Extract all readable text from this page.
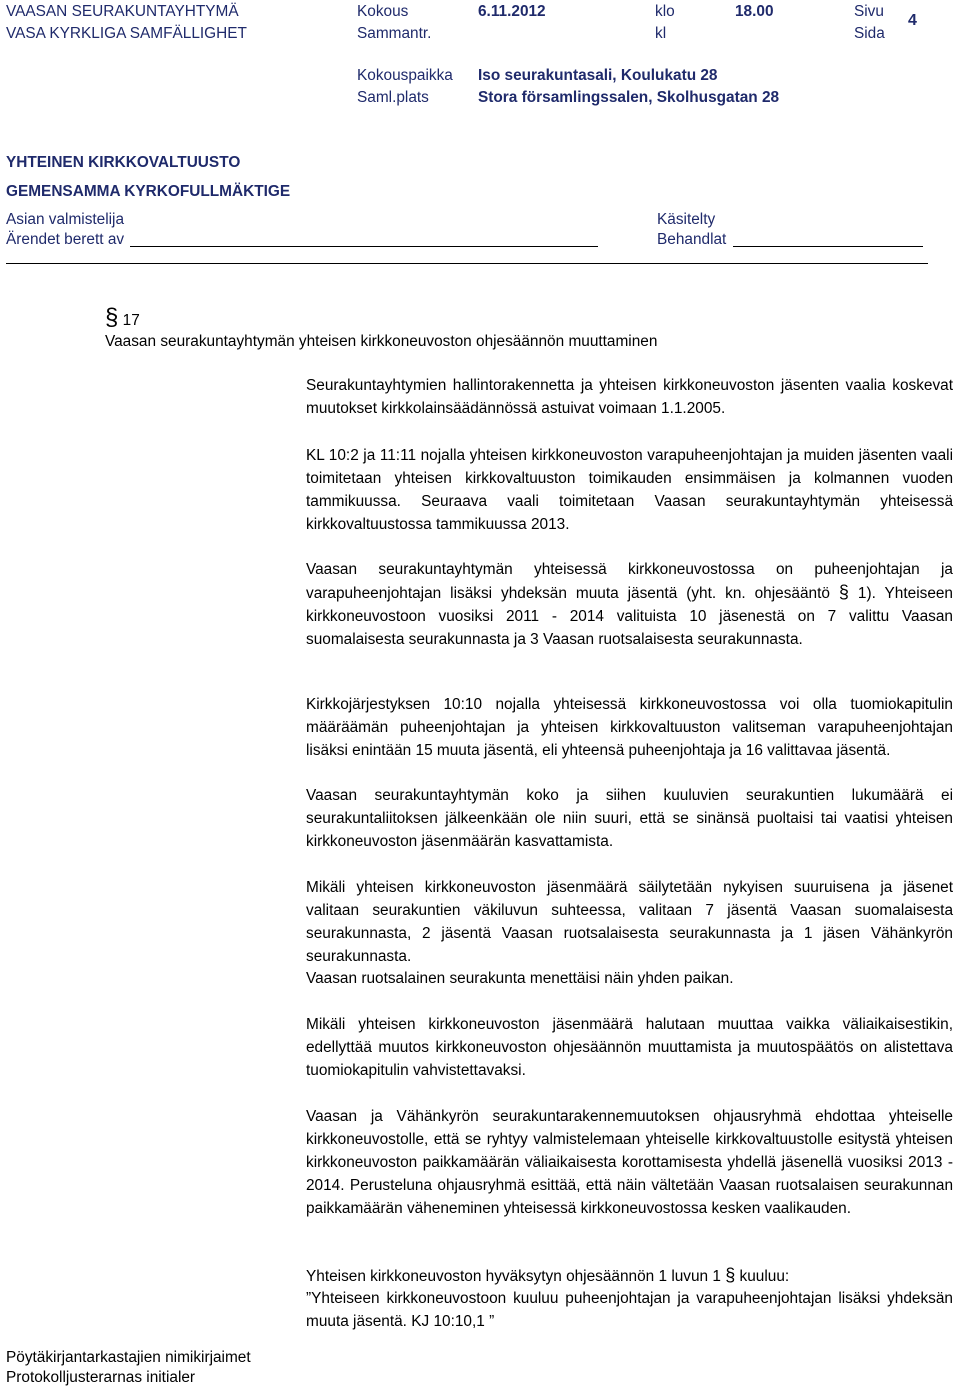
VAASAN SEURAKUNTAYHTYMÄ
VASA KYRKLIGA SAMFÄLLIGHET
Kokous
Sammantr.
6.11.2012	klo
kl
18.00	Sivu
Sida
4
Kokouspaikka
Saml.plats
Iso seurakuntasali, Koulukatu 28
Stora församlingssalen, Skolhusgatan 28
YHTEINEN KIRKKOVALTUUSTO
GEMENSAMMA KYRKOFULLMÄKTIGE
Asian valmistelija
Ärendet berett av
Käsitelty
Behandlat
§ 17
Vaasan seurakuntayhtymän yhteisen kirkkoneuvoston ohjesäännön muuttaminen

Seurakuntayhtymien hallintorakennetta ja yhteisen kirkkoneuvoston jäsenten vaalia koskevat muutokset kirkkolainsäädännössä astuivat voimaan 1.1.2005.

KL 10:2 ja 11:11 nojalla yhteisen kirkkoneuvoston varapuheenjohtajan ja muiden jäsenten vaali toimitetaan yhteisen kirkkovaltuuston toimikauden ensimmäisen ja kolmannen vuoden tammikuussa. Seuraava vaali toimitetaan Vaasan seurakuntayhtymän yhteisessä kirkkovaltuustossa tammikuussa 2013.

Vaasan seurakuntayhtymän yhteisessä kirkkoneuvostossa on puheenjohtajan ja varapuheenjohtajan lisäksi yhdeksän muuta jäsentä (yht. kn. ohjesääntö § 1). Yhteiseen kirkkoneuvostoon vuosiksi 2011 - 2014 valituista 10 jäsenestä on 7 valittu Vaasan suomalaisesta seurakunnasta ja 3 Vaasan ruotsalaisesta seurakunnasta.

Kirkkojärjestyksen 10:10 nojalla yhteisessä kirkkoneuvostossa voi olla tuomiokapitulin määräämän puheenjohtajan ja yhteisen kirkkovaltuuston valitseman varapuheenjohtajan lisäksi enintään 15 muuta jäsentä, eli yhteensä puheenjohtaja ja 16 valittavaa jäsentä.

Vaasan seurakuntayhtymän koko ja siihen kuuluvien seurakuntien lukumäärä ei seurakuntaliitoksen jälkeenkään ole niin suuri, että se sinänsä puoltaisi tai vaatisi yhteisen kirkkoneuvoston jäsenmäärän kasvattamista.

Mikäli yhteisen kirkkoneuvoston jäsenmäärä säilytetään nykyisen suuruisena ja jäsenet valitaan seurakuntien väkiluvun suhteessa, valitaan 7 jäsentä Vaasan suomalaisesta seurakunnasta, 2 jäsentä Vaasan ruotsalaisesta seurakunnasta ja 1 jäsen Vähänkyrön seurakunnasta.

Vaasan ruotsalainen seurakunta menettäisi näin yhden paikan.

Mikäli yhteisen kirkkoneuvoston jäsenmäärä halutaan muuttaa vaikka väliaikaisestikin, edellyttää muutos kirkkoneuvoston ohjesäännön muuttamista ja muutospäätös on alistettava tuomiokapitulin vahvistettavaksi.

Vaasan ja Vähänkyrön seurakuntarakennemuutoksen ohjausryhmä ehdottaa yhteiselle kirkkoneuvostolle, että se ryhtyy valmistelemaan yhteiselle kirkkovaltuustolle esitystä yhteisen kirkkoneuvoston paikkamäärän väliaikaisesta korottamisesta yhdellä jäsenellä vuosiksi 2013 - 2014. Perusteluna ohjausryhmä esittää, että näin vältetään Vaasan ruotsalaisen seurakunnan paikkamäärän väheneminen yhteisessä kirkkoneuvostossa kesken vaalikauden.

Yhteisen kirkkoneuvoston hyväksytyn ohjesäännön 1 luvun 1 § kuuluu:

”Yhteiseen kirkkoneuvostoon kuuluu puheenjohtajan ja varapuheenjohtajan lisäksi yhdeksän muuta jäsentä. KJ 10:10,1 ”

Pöytäkirjantarkastajien nimikirjaimet
Protokolljusterarnas initialer
